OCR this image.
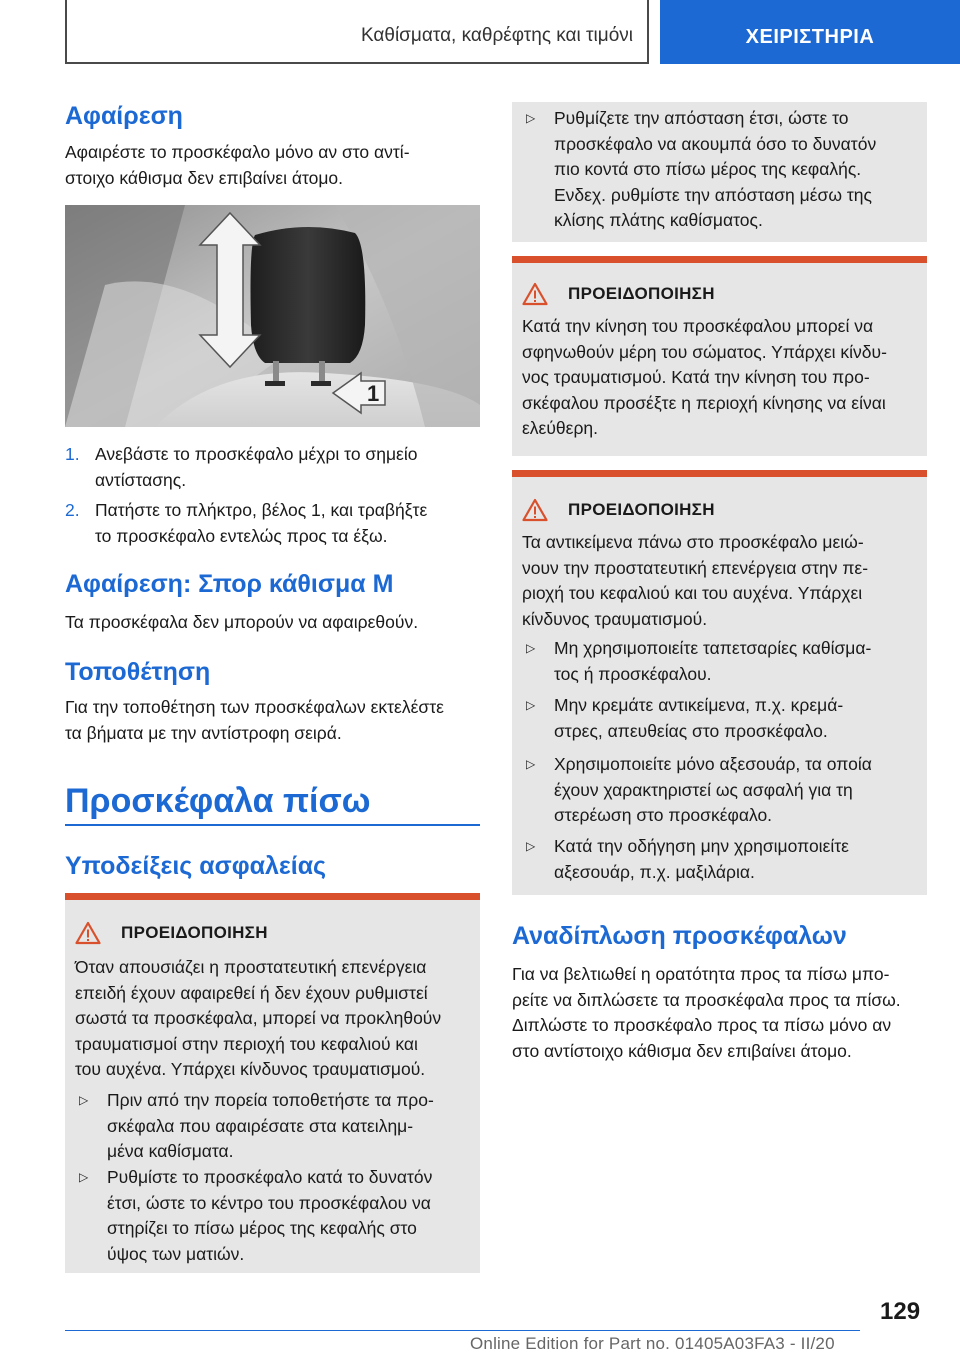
Καθίσματα, καθρέφτης και τιμόνι	ΧΕΙΡΙΣΤΗΡΙΑ
Αφαίρεση
Αφαιρέστε το προσκέφαλο μόνο αν στο αντί-
στοιχο κάθισμα δεν επιβαίνει άτομο.
1
1. Ανεβάστε το προσκέφαλο μέχρι το σημείο
αντίστασης.
2. Πατήστε το πλήκτρο, βέλος 1, και τραβήξτε
το προσκέφαλο εντελώς προς τα έξω.
Αφαίρεση: Σπορ κάθισμα M
Τα προσκέφαλα δεν μπορούν να αφαιρεθούν.
Τοποθέτηση
Για την τοποθέτηση των προσκέφαλων εκτελέστε
τα βήματα με την αντίστροφη σειρά.
Προσκέφαλα πίσω
Υποδείξεις ασφαλείας
ΠΡΟΕΙΔΟΠΟΙΗΣΗ
Όταν απουσιάζει η προστατευτική επενέργεια
επειδή έχουν αφαιρεθεί ή δεν έχουν ρυθμιστεί
σωστά τα προσκέφαλα, μπορεί να προκληθούν
τραυματισμοί στην περιοχή του κεφαλιού και
του αυχένα. Υπάρχει κίνδυνος τραυματισμού.
▷ Πριν από την πορεία τοποθετήστε τα προ-
σκέφαλα που αφαιρέσατε στα κατειλημ-
μένα καθίσματα.
▷ Ρυθμίστε το προσκέφαλο κατά το δυνατόν
έτσι, ώστε το κέντρο του προσκέφαλου να
στηρίζει το πίσω μέρος της κεφαλής στο
ύψος των ματιών.
▷ Ρυθμίζετε την απόσταση έτσι, ώστε το
προσκέφαλο να ακουμπά όσο το δυνατόν
πιο κοντά στο πίσω μέρος της κεφαλής.
Ενδεχ. ρυθμίστε την απόσταση μέσω της
κλίσης πλάτης καθίσματος.
ΠΡΟΕΙΔΟΠΟΙΗΣΗ
Κατά την κίνηση του προσκέφαλου μπορεί να
σφηνωθούν μέρη του σώματος. Υπάρχει κίνδυ-
νος τραυματισμού. Κατά την κίνηση του προ-
σκέφαλου προσέξτε η περιοχή κίνησης να είναι
ελεύθερη.
ΠΡΟΕΙΔΟΠΟΙΗΣΗ
Τα αντικείμενα πάνω στο προσκέφαλο μειώ-
νουν την προστατευτική επενέργεια στην πε-
ριοχή του κεφαλιού και του αυχένα. Υπάρχει
κίνδυνος τραυματισμού.
▷ Μη χρησιμοποιείτε ταπετσαρίες καθίσμα-
τος ή προσκέφαλου.
▷ Μην κρεμάτε αντικείμενα, π.χ. κρεμά-
στρες, απευθείας στο προσκέφαλο.
▷ Χρησιμοποιείτε μόνο αξεσουάρ, τα οποία
έχουν χαρακτηριστεί ως ασφαλή για τη
στερέωση στο προσκέφαλο.
▷ Κατά την οδήγηση μην χρησιμοποιείτε
αξεσουάρ, π.χ. μαξιλάρια.
Αναδίπλωση προσκέφαλων
Για να βελτιωθεί η ορατότητα προς τα πίσω μπο-
ρείτε να διπλώσετε τα προσκέφαλα προς τα πίσω.
Διπλώστε το προσκέφαλο προς τα πίσω μόνο αν
στο αντίστοιχο κάθισμα δεν επιβαίνει άτομο.
129
Online Edition for Part no. 01405A03FA3 - II/20
